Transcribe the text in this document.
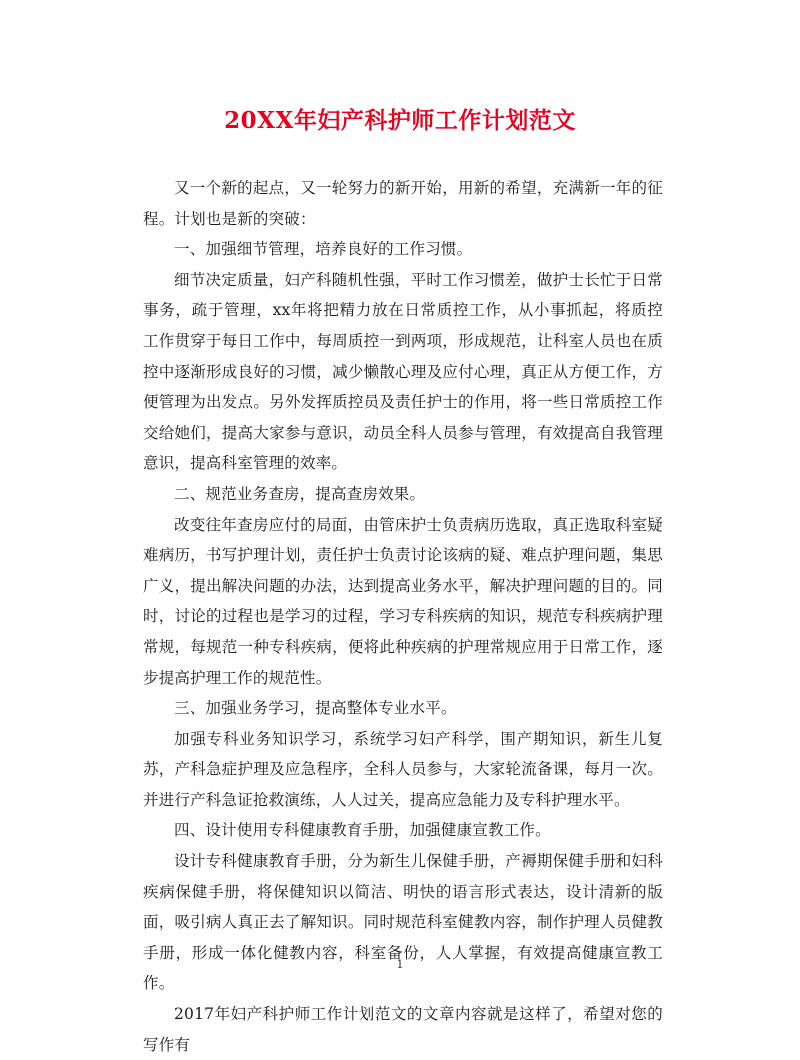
20XX年妇产科护师工作计划范文

又一个新的起点，又一轮努力的新开始，用新的希望，充满新一年的征程。计划也是新的突破：

一、加强细节管理，培养良好的工作习惯。

细节决定质量，妇产科随机性强，平时工作习惯差，做护士长忙于日常事务，疏于管理，xx年将把精力放在日常质控工作，从小事抓起，将质控工作贯穿于每日工作中，每周质控一到两项，形成规范，让科室人员也在质控中逐渐形成良好的习惯，减少懒散心理及应付心理，真正从方便工作，方便管理为出发点。另外发挥质控员及责任护士的作用，将一些日常质控工作交给她们，提高大家参与意识，动员全科人员参与管理，有效提高自我管理意识，提高科室管理的效率。

二、规范业务查房，提高查房效果。

改变往年查房应付的局面，由管床护士负责病历选取，真正选取科室疑难病历，书写护理计划，责任护士负责讨论该病的疑、难点护理问题，集思广义，提出解决问题的办法，达到提高业务水平，解决护理问题的目的。同时，讨论的过程也是学习的过程，学习专科疾病的知识，规范专科疾病护理常规，每规范一种专科疾病，便将此种疾病的护理常规应用于日常工作，逐步提高护理工作的规范性。

三、加强业务学习，提高整体专业水平。

加强专科业务知识学习，系统学习妇产科学，围产期知识，新生儿复苏，产科急症护理及应急程序，全科人员参与，大家轮流备课，每月一次。并进行产科急证抢救演练，人人过关，提高应急能力及专科护理水平。

四、设计使用专科健康教育手册，加强健康宣教工作。

设计专科健康教育手册，分为新生儿保健手册，产褥期保健手册和妇科疾病保健手册，将保健知识以简洁、明快的语言形式表达，设计清新的版面，吸引病人真正去了解知识。同时规范科室健教内容，制作护理人员健教手册，形成一体化健教内容，科室备份，人人掌握，有效提高健康宣教工作。

2017年妇产科护师工作计划范文的文章内容就是这样了，希望对您的写作有

1
